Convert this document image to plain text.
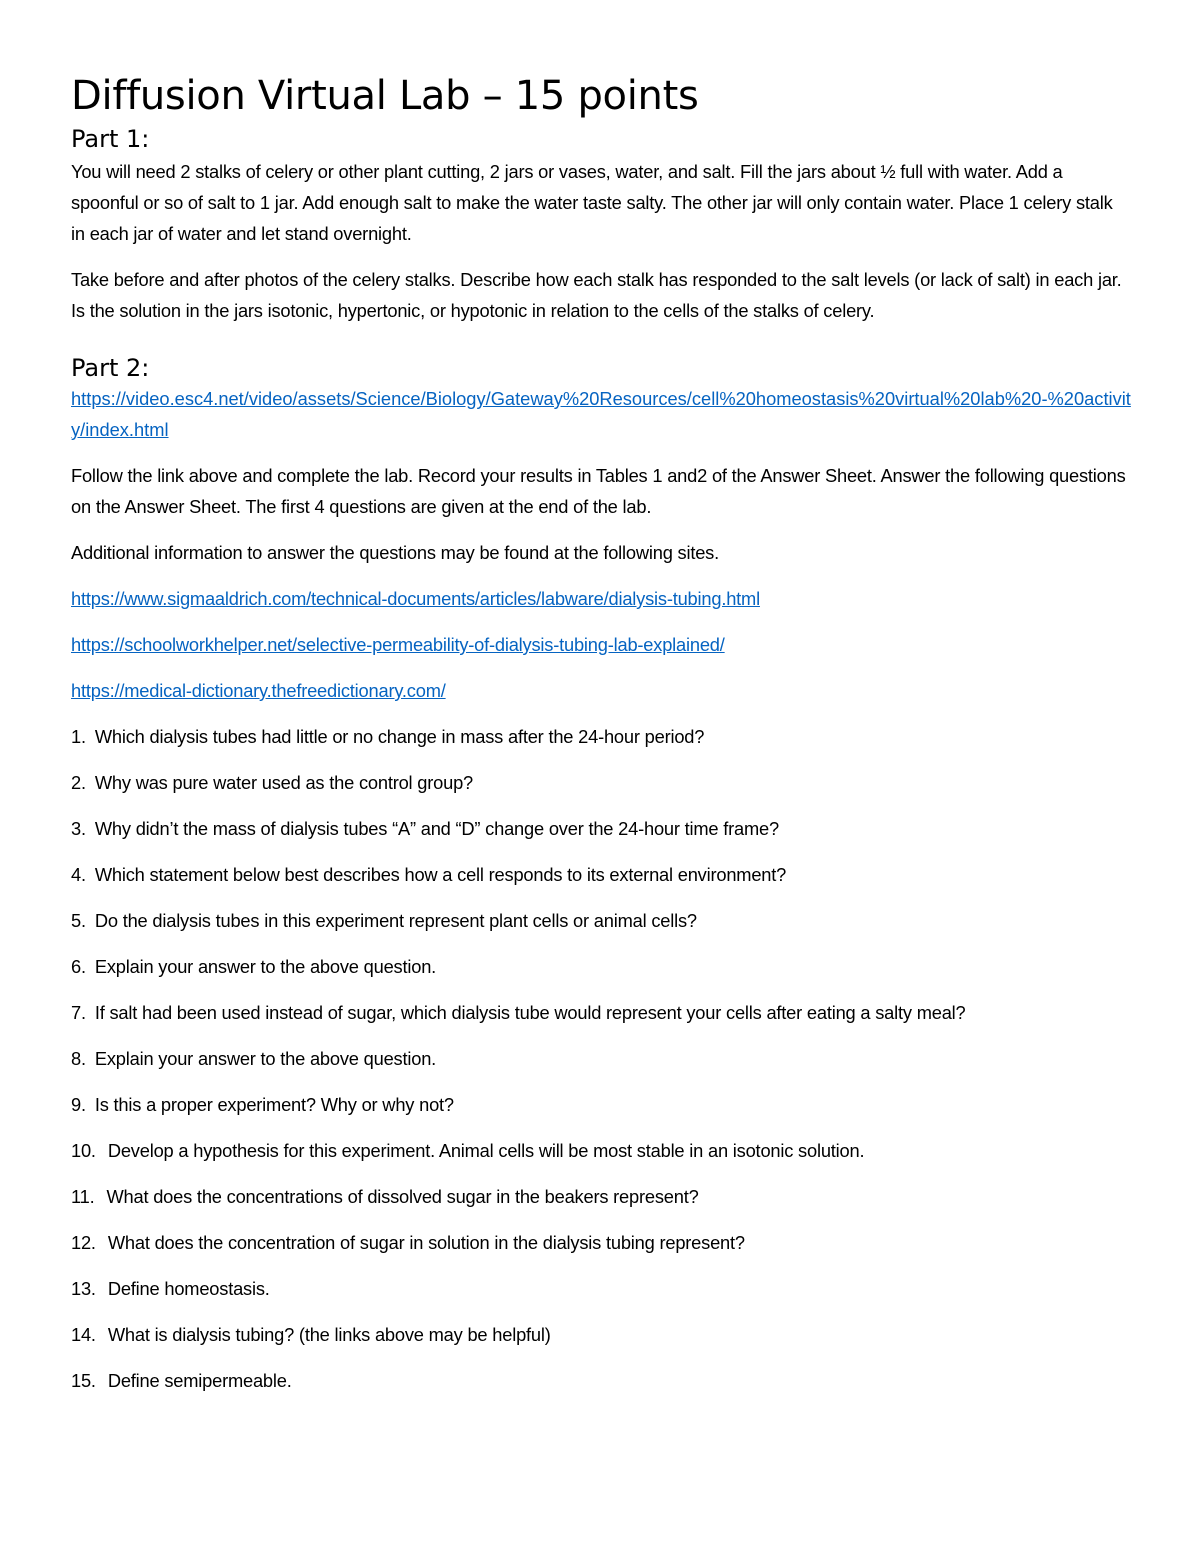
Diffusion Virtual Lab – 15 points
Part 1:

You will need 2 stalks of celery or other plant cutting, 2 jars or vases, water, and salt. Fill the jars about ½ full with water. Add a spoonful or so of salt to 1 jar. Add enough salt to make the water taste salty. The other jar will only contain water. Place 1 celery stalk in each jar of water and let stand overnight.

Take before and after photos of the celery stalks. Describe how each stalk has responded to the salt levels (or lack of salt) in each jar. Is the solution in the jars isotonic, hypertonic, or hypotonic in relation to the cells of the stalks of celery.

Part 2:
https://video.esc4.net/video/assets/Science/Biology/Gateway%20Resources/cell%20homeostasis%20virtual%20lab%20-%20activity/index.html

Follow the link above and complete the lab. Record your results in Tables 1 and2 of the Answer Sheet. Answer the following questions on the Answer Sheet. The first 4 questions are given at the end of the lab.

Additional information to answer the questions may be found at the following sites.

https://www.sigmaaldrich.com/technical-documents/articles/labware/dialysis-tubing.html

https://schoolworkhelper.net/selective-permeability-of-dialysis-tubing-lab-explained/

https://medical-dictionary.thefreedictionary.com/

1. Which dialysis tubes had little or no change in mass after the 24-hour period?
2. Why was pure water used as the control group?
3. Why didn’t the mass of dialysis tubes “A” and “D” change over the 24-hour time frame?
4. Which statement below best describes how a cell responds to its external environment?
5. Do the dialysis tubes in this experiment represent plant cells or animal cells?
6. Explain your answer to the above question.
7. If salt had been used instead of sugar, which dialysis tube would represent your cells after eating a salty meal?
8. Explain your answer to the above question.
9. Is this a proper experiment? Why or why not?
10. Develop a hypothesis for this experiment. Animal cells will be most stable in an isotonic solution.
11. What does the concentrations of dissolved sugar in the beakers represent?
12. What does the concentration of sugar in solution in the dialysis tubing represent?
13. Define homeostasis.
14. What is dialysis tubing? (the links above may be helpful)
15. Define semipermeable.
